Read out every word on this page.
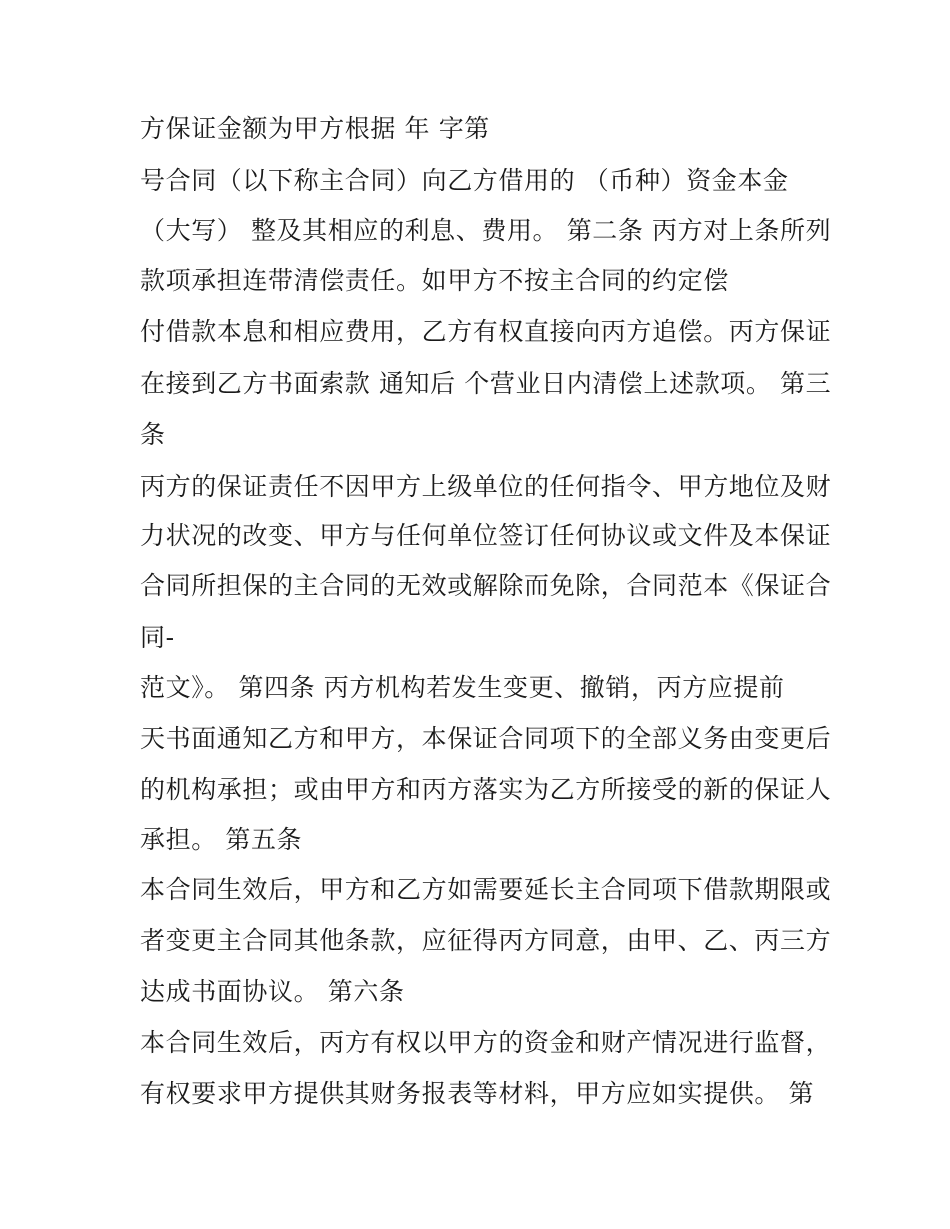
方保证金额为甲方根据 年 字第
号合同（以下称主合同）向乙方借用的 （币种）资金本金
（大写） 整及其相应的利息、费用。 第二条 丙方对上条所列
款项承担连带清偿责任。如甲方不按主合同的约定偿
付借款本息和相应费用，乙方有权直接向丙方追偿。丙方保证
在接到乙方书面索款 通知后 个营业日内清偿上述款项。 第三
条
丙方的保证责任不因甲方上级单位的任何指令、甲方地位及财
力状况的改变、甲方与任何单位签订任何协议或文件及本保证
合同所担保的主合同的无效或解除而免除，合同范本《保证合
同-
范文》。 第四条 丙方机构若发生变更、撤销，丙方应提前
天书面通知乙方和甲方，本保证合同项下的全部义务由变更后
的机构承担；或由甲方和丙方落实为乙方所接受的新的保证人
承担。 第五条
本合同生效后，甲方和乙方如需要延长主合同项下借款期限或
者变更主合同其他条款，应征得丙方同意，由甲、乙、丙三方
达成书面协议。 第六条
本合同生效后，丙方有权以甲方的资金和财产情况进行监督，
有权要求甲方提供其财务报表等材料，甲方应如实提供。 第
